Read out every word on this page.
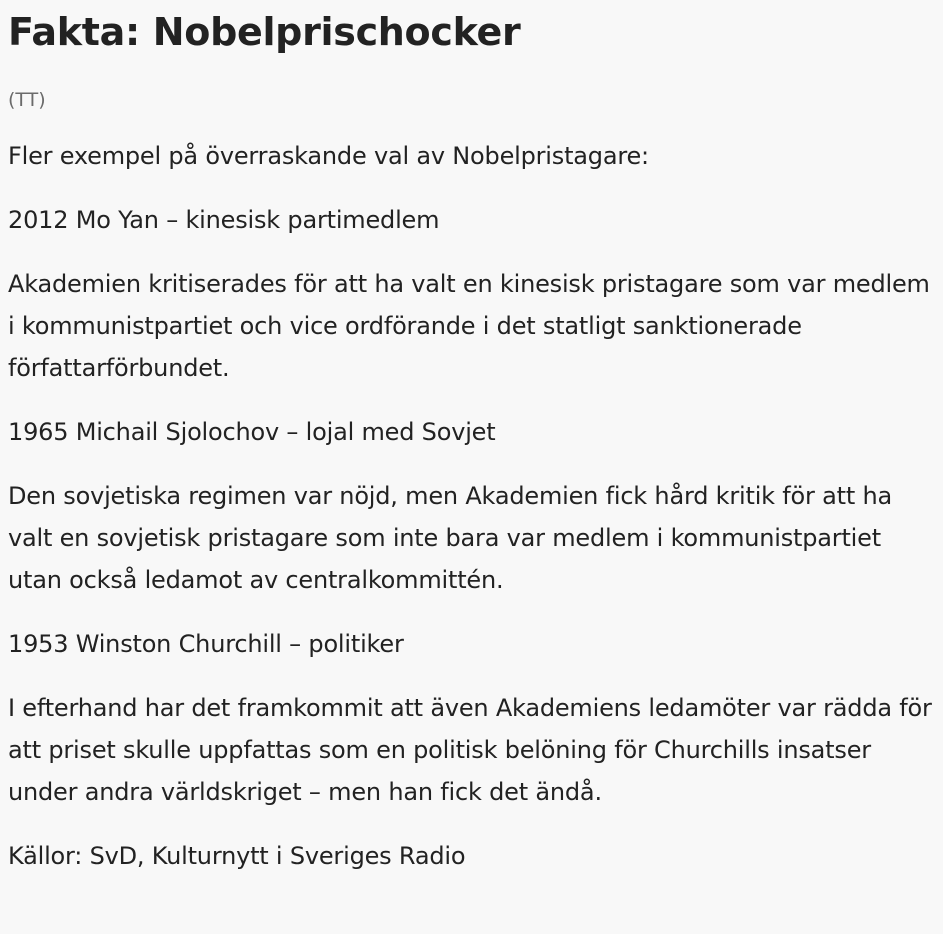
Fakta: Nobelprischocker

(TT)

Fler exempel på överraskande val av Nobelpristagare:

2012 Mo Yan – kinesisk partimedlem

Akademien kritiserades för att ha valt en kinesisk pristagare som var medlem i kommunistpartiet och vice ordförande i det statligt sanktionerade författarförbundet.

1965 Michail Sjolochov – lojal med Sovjet

Den sovjetiska regimen var nöjd, men Akademien fick hård kritik för att ha valt en sovjetisk pristagare som inte bara var medlem i kommunistpartiet utan också ledamot av centralkommittén.

1953 Winston Churchill – politiker

I efterhand har det framkommit att även Akademiens ledamöter var rädda för att priset skulle uppfattas som en politisk belöning för Churchills insatser under andra världskriget – men han fick det ändå.

Källor: SvD, Kulturnytt i Sveriges Radio
